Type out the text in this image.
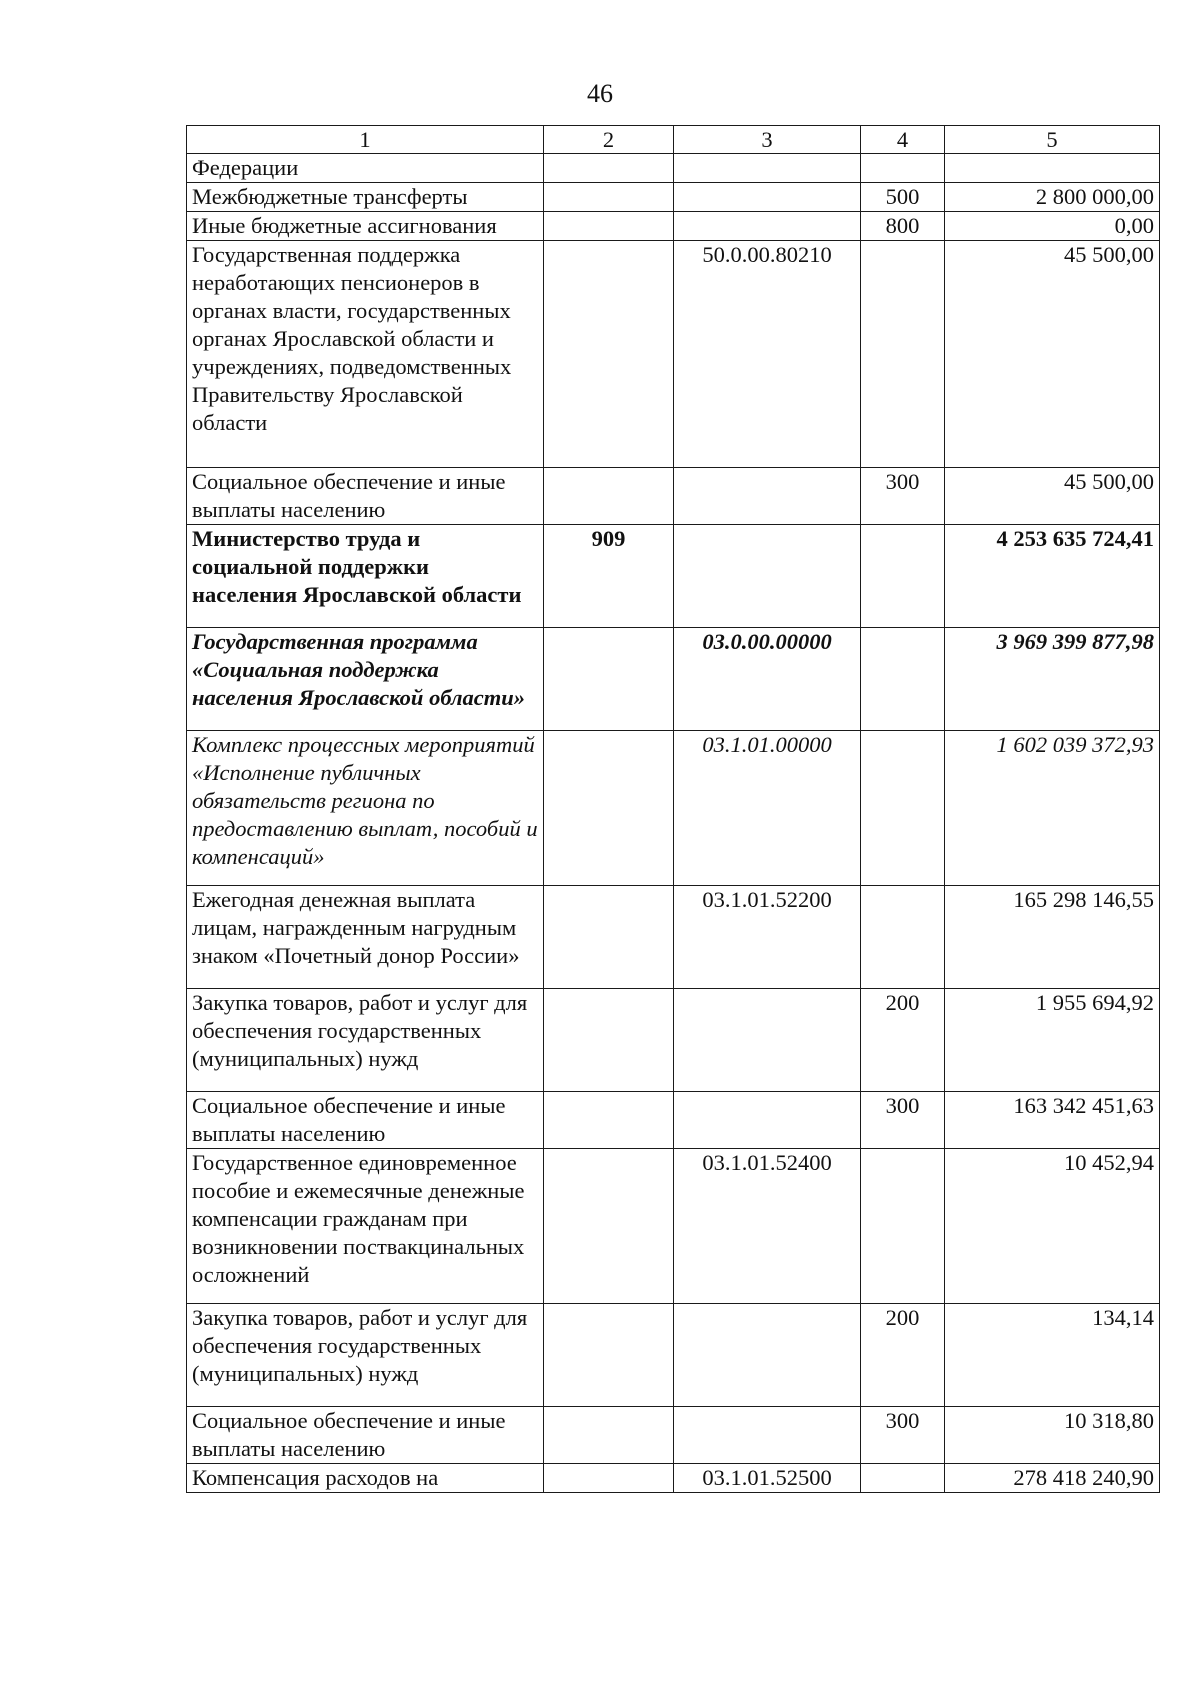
46
1	2	3	4	5
Федерации				
Межбюджетные трансферты			500	2 800 000,00
Иные бюджетные ассигнования			800	0,00
Государственная поддержка неработающих пенсионеров в органах власти, государственных органах Ярославской области и учреждениях, подведомственных Правительству Ярославской области		50.0.00.80210		45 500,00
Социальное обеспечение и иные выплаты населению			300	45 500,00
Министерство труда и социальной поддержки населения Ярославской области	909			4 253 635 724,41
Государственная программа «Социальная поддержка населения Ярославской области»		03.0.00.00000		3 969 399 877,98
Комплекс процессных мероприятий «Исполнение публичных обязательств региона по предоставлению выплат, пособий и компенсаций»		03.1.01.00000		1 602 039 372,93
Ежегодная денежная выплата лицам, награжденным нагрудным знаком «Почетный донор России»		03.1.01.52200		165 298 146,55
Закупка товаров, работ и услуг для обеспечения государственных (муниципальных) нужд			200	1 955 694,92
Социальное обеспечение и иные выплаты населению			300	163 342 451,63
Государственное единовременное пособие и ежемесячные денежные компенсации гражданам при возникновении поствакцинальных осложнений		03.1.01.52400		10 452,94
Закупка товаров, работ и услуг для обеспечения государственных (муниципальных) нужд			200	134,14
Социальное обеспечение и иные выплаты населению			300	10 318,80
Компенсация расходов на		03.1.01.52500		278 418 240,90
